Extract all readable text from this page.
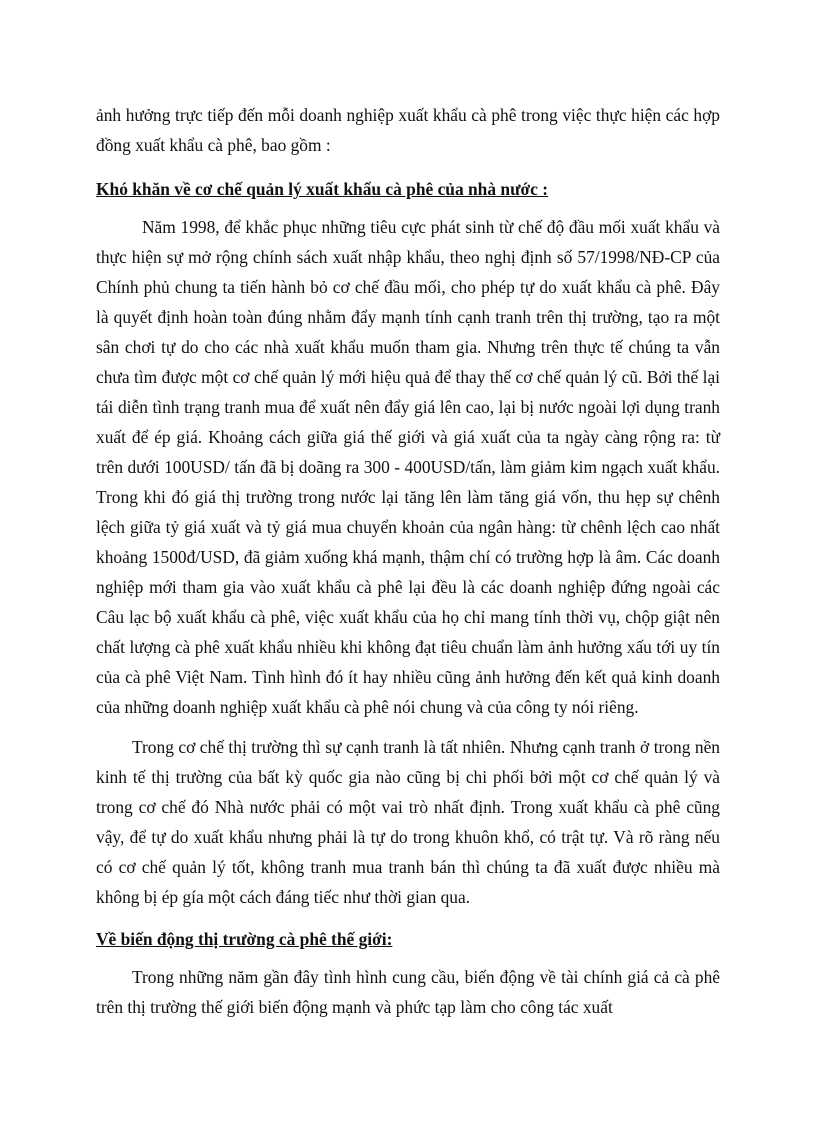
ảnh hưởng trực tiếp đến mỗi doanh nghiệp xuất khẩu cà phê trong việc thực hiện các hợp đồng xuất khẩu cà phê, bao gồm :

Khó khăn về cơ chế quản lý xuất khẩu cà phê của nhà nước :

Năm 1998, để khắc phục những tiêu cực phát sinh từ chế độ đầu mối xuất khẩu và thực hiện sự mở rộng chính sách xuất nhập khẩu, theo nghị định số 57/1998/NĐ-CP của Chính phủ chung ta tiến hành bỏ cơ chế đầu mối, cho phép tự do xuất khẩu cà phê. Đây là quyết định hoàn toàn đúng nhằm đẩy mạnh tính cạnh tranh trên thị trường, tạo ra một sân chơi tự do cho các nhà xuất khẩu muốn tham gia. Nhưng trên thực tế chúng ta vẫn chưa tìm được một cơ chế quản lý mới hiệu quả để thay thế cơ chế quản lý cũ. Bởi thế lại tái diễn tình trạng tranh mua để xuất nên đẩy giá lên cao, lại bị nước ngoài lợi dụng tranh xuất để ép giá. Khoảng cách giữa giá thế giới và giá xuất của ta ngày càng rộng ra: từ trên dưới 100USD/ tấn đã bị doãng ra 300 - 400USD/tấn, làm giảm kim ngạch xuất khẩu. Trong khi đó giá thị trường trong nước lại tăng lên làm tăng giá vốn, thu hẹp sự chênh lệch giữa tỷ giá xuất và tỷ giá mua chuyển khoản của ngân hàng: từ chênh lệch cao nhất khoảng 1500đ/USD, đã giảm xuống khá mạnh, thậm chí có trường hợp là âm. Các doanh nghiệp mới tham gia vào xuất khẩu cà phê lại đều là các doanh nghiệp đứng ngoài các Câu lạc bộ xuất khẩu cà phê, việc xuất khẩu của họ chỉ mang tính thời vụ, chộp giật nên chất lượng cà phê xuất khẩu nhiều khi không đạt tiêu chuẩn làm ảnh hưởng xấu tới uy tín của cà phê Việt Nam. Tình hình đó ít hay nhiều cũng ảnh hưởng đến kết quả kinh doanh của những doanh nghiệp xuất khẩu cà phê nói chung và của công ty nói riêng.

Trong cơ chế thị trường thì sự cạnh tranh là tất nhiên. Nhưng cạnh tranh ở trong nền kinh tế thị trường của bất kỳ quốc gia nào cũng bị chi phối bởi một cơ chế quản lý và trong cơ chế đó Nhà nước phải có một vai trò nhất định. Trong xuất khẩu cà phê cũng vậy, để tự do xuất khẩu nhưng phải là tự do trong khuôn khổ, có trật tự. Và rõ ràng nếu có cơ chế quản lý tốt, không tranh mua tranh bán thì chúng ta đã xuất được nhiều mà không bị ép gía một cách đáng tiếc như thời gian qua.

Về biến động thị trường cà phê thế giới:

Trong những năm gần đây tình hình cung cầu, biến động về tài chính giá cả cà phê trên thị trường thế giới biến động mạnh và phức tạp làm cho công tác xuất
